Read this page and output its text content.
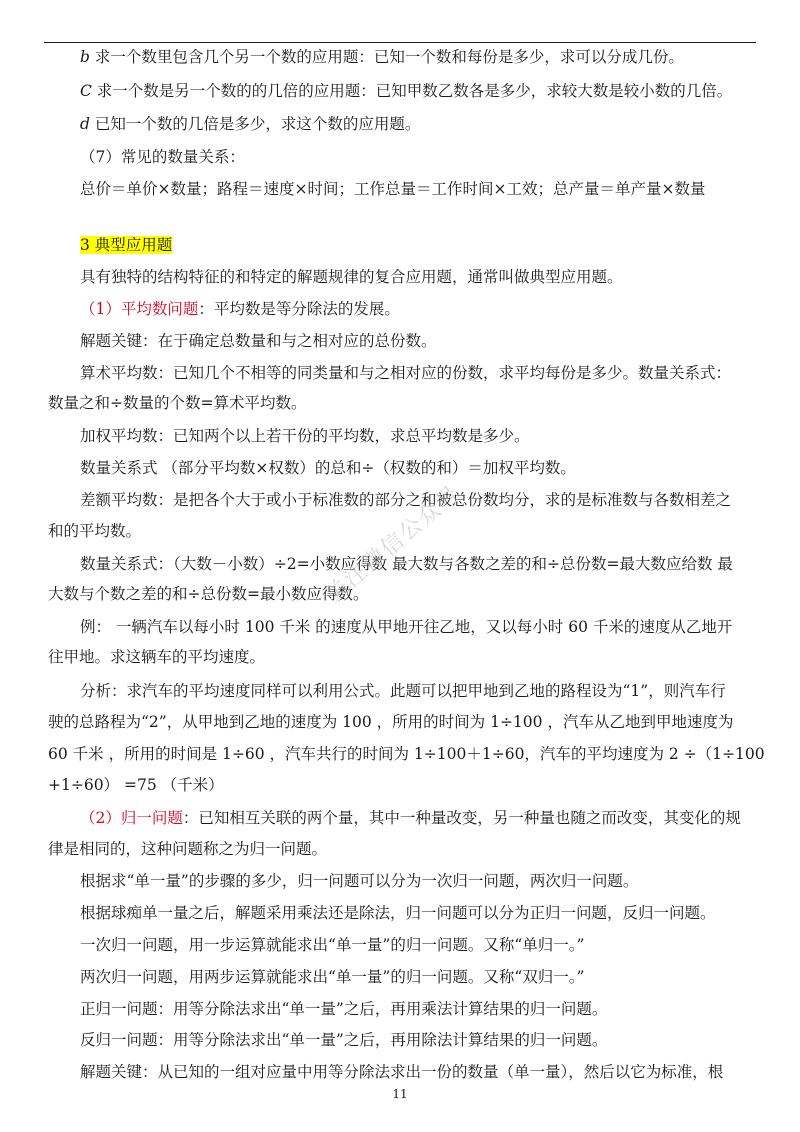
b 求一个数里包含几个另一个数的应用题：已知一个数和每份是多少，求可以分成几份。
C 求一个数是另一个数的的几倍的应用题：已知甲数乙数各是多少，求较大数是较小数的几倍。
d 已知一个数的几倍是多少，求这个数的应用题。
（7）常见的数量关系：
总价＝单价×数量；路程＝速度×时间；工作总量＝工作时间×工效；总产量＝单产量×数量
3 典型应用题
具有独特的结构特征的和特定的解题规律的复合应用题，通常叫做典型应用题。
（1）平均数问题：平均数是等分除法的发展。
解题关键：在于确定总数量和与之相对应的总份数。
算术平均数：已知几个不相等的同类量和与之相对应的份数，求平均每份是多少。数量关系式：
数量之和÷数量的个数=算术平均数。
加权平均数：已知两个以上若干份的平均数，求总平均数是多少。
数量关系式 （部分平均数×权数）的总和÷（权数的和）＝加权平均数。
差额平均数：是把各个大于或小于标准数的部分之和被总份数均分，求的是标准数与各数相差之
和的平均数。
数量关系式：（大数－小数）÷2=小数应得数 最大数与各数之差的和÷总份数=最大数应给数 最
大数与个数之差的和÷总份数=最小数应得数。
例： 一辆汽车以每小时 100 千米 的速度从甲地开往乙地，又以每小时 60 千米的速度从乙地开
往甲地。求这辆车的平均速度。
分析：求汽车的平均速度同样可以利用公式。此题可以把甲地到乙地的路程设为“1”，则汽车行
驶的总路程为“2”，从甲地到乙地的速度为 100 ，所用的时间为 1÷100 ，汽车从乙地到甲地速度为
60 千米 ，所用的时间是 1÷60 ，汽车共行的时间为 1÷100＋1÷60，汽车的平均速度为 2 ÷（1÷100
+1÷60） =75 （千米）
（2）归一问题：已知相互关联的两个量，其中一种量改变，另一种量也随之而改变，其变化的规
律是相同的，这种问题称之为归一问题。
根据求“单一量”的步骤的多少，归一问题可以分为一次归一问题，两次归一问题。
根据球痴单一量之后，解题采用乘法还是除法，归一问题可以分为正归一问题，反归一问题。
一次归一问题，用一步运算就能求出“单一量”的归一问题。又称“单归一。”
两次归一问题，用两步运算就能求出“单一量”的归一问题。又称“双归一。”
正归一问题：用等分除法求出“单一量”之后，再用乘法计算结果的归一问题。
反归一问题：用等分除法求出“单一量”之后，再用除法计算结果的归一问题。
解题关键：从已知的一组对应量中用等分除法求出一份的数量（单一量），然后以它为标准，根
关注微信公众号
11
